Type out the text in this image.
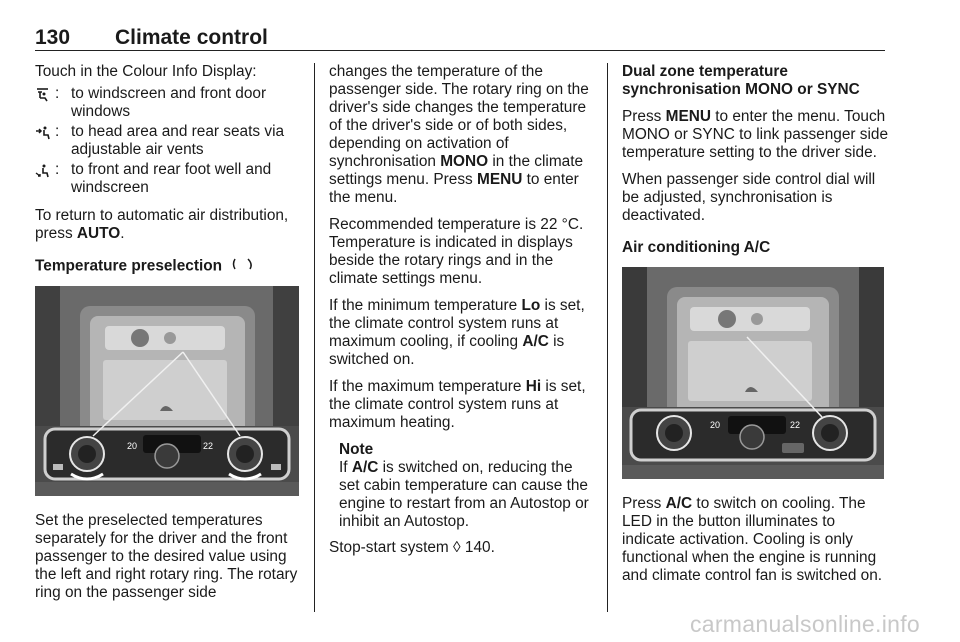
130	Climate control

Touch in the Colour Info Display:

: to windscreen and front door windows
: to head area and rear seats via adjustable air vents
: to front and rear foot well and windscreen

To return to automatic air distribution, press AUTO.

Temperature preselection

20	22

Set the preselected temperatures separately for the driver and the front passenger to the desired value using the left and right rotary ring. The rotary ring on the passenger side

changes the temperature of the passenger side. The rotary ring on the driver's side changes the temperature of the driver's side or of both sides, depending on activation of synchronisation MONO in the climate settings menu. Press MENU to enter the menu.

Recommended temperature is 22 °C. Temperature is indicated in displays beside the rotary rings and in the climate settings menu.

If the minimum temperature Lo is set, the climate control system runs at maximum cooling, if cooling A/C is switched on.

If the maximum temperature Hi is set, the climate control system runs at maximum heating.

Note

If A/C is switched on, reducing the set cabin temperature can cause the engine to restart from an Autostop or inhibit an Autostop.

Stop-start system ◊ 140.

Dual zone temperature synchronisation MONO or SYNC

Press MENU to enter the menu. Touch MONO or SYNC to link passenger side temperature setting to the driver side.

When passenger side control dial will be adjusted, synchronisation is deactivated.

Air conditioning A/C

20	22

Press A/C to switch on cooling. The LED in the button illuminates to indicate activation. Cooling is only functional when the engine is running and climate control fan is switched on.

carmanualsonline.info
